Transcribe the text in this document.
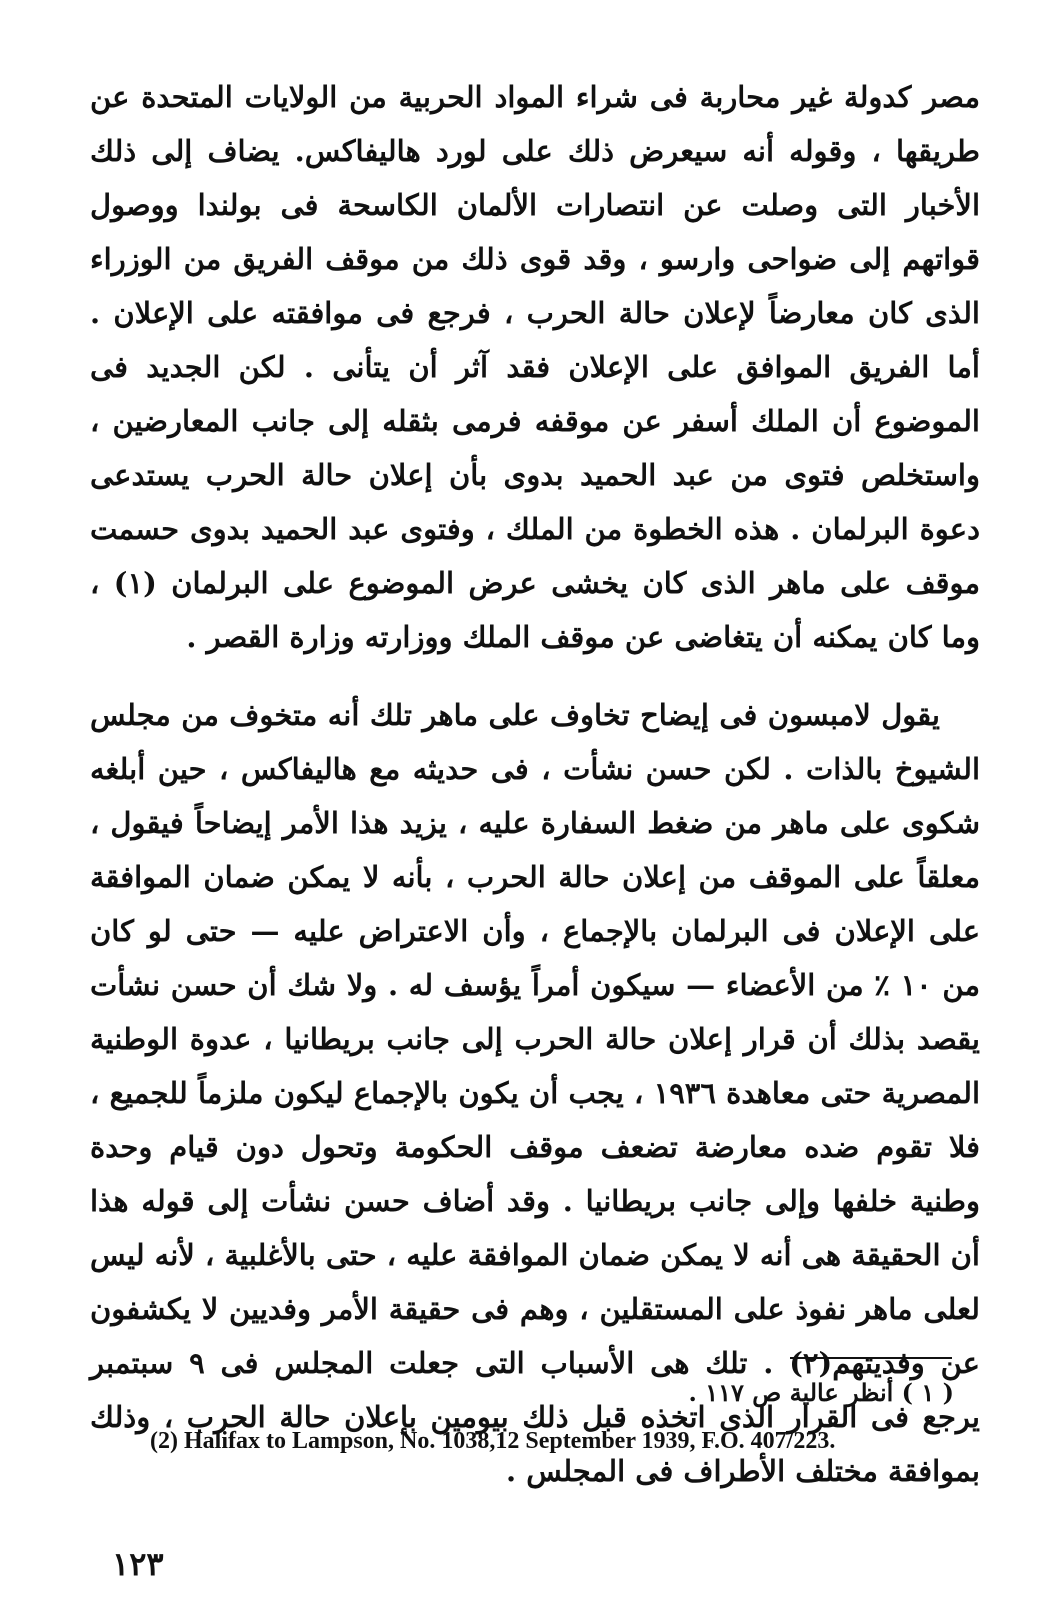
مصر كدولة غير محاربة فى شراء المواد الحربية من الولايات المتحدة عن طريقها ، وقوله أنه سيعرض ذلك على لورد هاليفاكس. يضاف إلى ذلك الأخبار التى وصلت عن انتصارات الألمان الكاسحة فى بولندا ووصول قواتهم إلى ضواحى وارسو ، وقد قوى ذلك من موقف الفريق من الوزراء الذى كان معارضاً لإعلان حالة الحرب ، فرجع فى موافقته على الإعلان . أما الفريق الموافق على الإعلان فقد آثر أن يتأنى . لكن الجديد فى الموضوع أن الملك أسفر عن موقفه فرمى بثقله إلى جانب المعارضين ، واستخلص فتوى من عبد الحميد بدوى بأن إعلان حالة الحرب يستدعى دعوة البرلمان . هذه الخطوة من الملك ، وفتوى عبد الحميد بدوى حسمت موقف على ماهر الذى كان يخشى عرض الموضوع على البرلمان (١) ، وما كان يمكنه أن يتغاضى عن موقف الملك ووزارته وزارة القصر .

يقول لامبسون فى إيضاح تخاوف على ماهر تلك أنه متخوف من مجلس الشيوخ بالذات . لكن حسن نشأت ، فى حديثه مع هاليفاكس ، حين أبلغه شكوى على ماهر من ضغط السفارة عليه ، يزيد هذا الأمر إيضاحاً فيقول ، معلقاً على الموقف من إعلان حالة الحرب ، بأنه لا يمكن ضمان الموافقة على الإعلان فى البرلمان بالإجماع ، وأن الاعتراض عليه — حتى لو كان من ١٠ ٪ من الأعضاء — سيكون أمراً يؤسف له . ولا شك أن حسن نشأت يقصد بذلك أن قرار إعلان حالة الحرب إلى جانب بريطانيا ، عدوة الوطنية المصرية حتى معاهدة ١٩٣٦ ، يجب أن يكون بالإجماع ليكون ملزماً للجميع ، فلا تقوم ضده معارضة تضعف موقف الحكومة وتحول دون قيام وحدة وطنية خلفها وإلى جانب بريطانيا . وقد أضاف حسن نشأت إلى قوله هذا أن الحقيقة هى أنه لا يمكن ضمان الموافقة عليه ، حتى بالأغلبية ، لأنه ليس لعلى ماهر نفوذ على المستقلين ، وهم فى حقيقة الأمر وفديين لا يكشفون عن وفديتهم(٢) . تلك هى الأسباب التى جعلت المجلس فى ٩ سبتمبر يرجع فى القرار الذى اتخذه قبل ذلك بيومين بإعلان حالة الحرب ، وذلك بموافقة مختلف الأطراف فى المجلس .

( ١ ) أنظر عالية ص ١١٧ .
(2) Halifax to Lampson, No. 1038,12 September 1939, F.O. 407/223.
١٢٣
